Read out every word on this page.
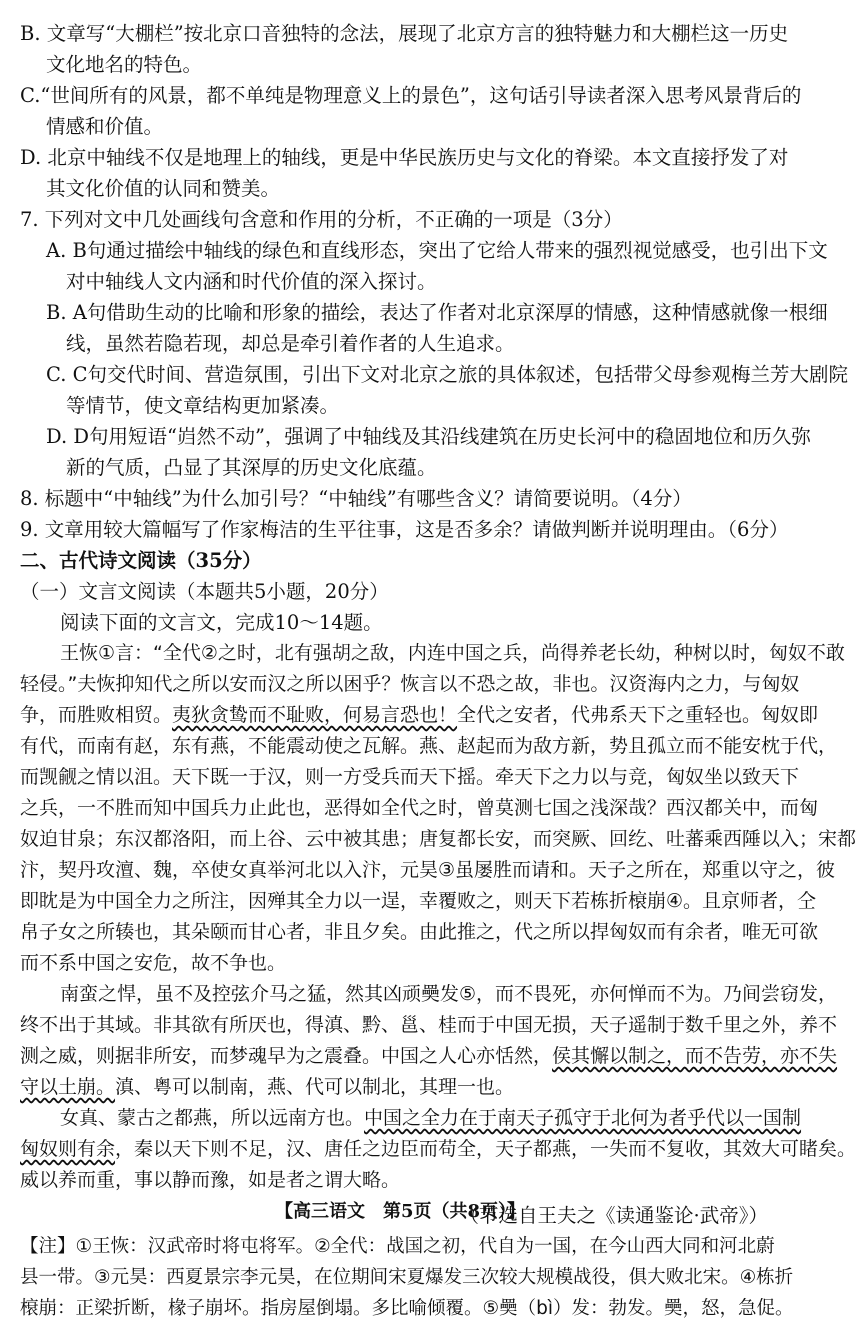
B. 文章写“大棚栏”按北京口音独特的念法，展现了北京方言的独特魅力和大棚栏这一历史
文化地名的特色。
C.“世间所有的风景，都不单纯是物理意义上的景色”，这句话引导读者深入思考风景背后的
情感和价值。
D. 北京中轴线不仅是地理上的轴线，更是中华民族历史与文化的脊梁。本文直接抒发了对
其文化价值的认同和赞美。
7. 下列对文中几处画线句含意和作用的分析，不正确的一项是（3分）
A. B句通过描绘中轴线的绿色和直线形态，突出了它给人带来的强烈视觉感受，也引出下文
对中轴线人文内涵和时代价值的深入探讨。
B. A句借助生动的比喻和形象的描绘，表达了作者对北京深厚的情感，这种情感就像一根细
线，虽然若隐若现，却总是牵引着作者的人生追求。
C. C句交代时间、营造氛围，引出下文对北京之旅的具体叙述，包括带父母参观梅兰芳大剧院
等情节，使文章结构更加紧凑。
D. D句用短语“岿然不动”，强调了中轴线及其沿线建筑在历史长河中的稳固地位和历久弥
新的气质，凸显了其深厚的历史文化底蕴。
8. 标题中“中轴线”为什么加引号？“中轴线”有哪些含义？请简要说明。（4分）
9. 文章用较大篇幅写了作家梅洁的生平往事，这是否多余？请做判断并说明理由。（6分）
二、古代诗文阅读（35分）
（一）文言文阅读（本题共5小题，20分）
阅读下面的文言文，完成10～14题。
王恢①言：“全代②之时，北有强胡之敌，内连中国之兵，尚得养老长幼，种树以时，匈奴不敢
轻侵。”夫恢抑知代之所以安而汉之所以困乎？恢言以不恐之故，非也。汉资海内之力，与匈奴
争，而胜败相贸。夷狄贪鸷而不耻败，何易言恐也！全代之安者，代弗系天下之重轻也。匈奴即
有代，而南有赵，东有燕，不能震动使之瓦解。燕、赵起而为敌方新，势且孤立而不能安枕于代，
而觊觎之情以沮。天下既一于汉，则一方受兵而天下摇。牵天下之力以与竞，匈奴坐以致天下
之兵，一不胜而知中国兵力止此也，恶得如全代之时，曾莫测七国之浅深哉？西汉都关中，而匈
奴迫甘泉；东汉都洛阳，而上谷、云中被其患；唐复都长安，而突厥、回纥、吐蕃乘西陲以入；宋都
汴，契丹攻澶、魏，卒使女真举河北以入汴，元昊③虽屡胜而请和。天子之所在，郑重以守之，彼
即眈是为中国全力之所注，因殚其全力以一逞，幸覆败之，则天下若栋折榱崩④。且京师者，仝
帛子女之所辏也，其朵颐而甘心者，非且夕矣。由此推之，代之所以捍匈奴而有余者，唯无可欲
而不系中国之安危，故不争也。
南蛮之悍，虽不及控弦介马之猛，然其凶顽奰发⑤，而不畏死，亦何惮而不为。乃间尝窃发，
终不出于其域。非其欲有所厌也，得滇、黔、邕、桂而于中国无损，天子遥制于数千里之外，养不
测之威，则据非所安，而梦魂早为之震叠。中国之人心亦恬然，侯其懈以制之，而不告劳，亦不失
守以土崩。滇、粤可以制南，燕、代可以制北，其理一也。
女真、蒙古之都燕，所以远南方也。中国之全力在于南天子孤守于北何为者乎代以一国制
匈奴则有余，秦以天下则不足，汉、唐任之边臣而苟全，天子都燕，一失而不复收，其效大可睹矣。
威以养而重，事以静而豫，如是者之谓大略。
（节选自王夫之《读通鉴论·武帝》）
【注】①王恢：汉武帝时将屯将军。②全代：战国之初，代自为一国，在今山西大同和河北蔚
县一带。③元昊：西夏景宗李元昊，在位期间宋夏爆发三次较大规模战役，俱大败北宋。④栋折
榱崩：正梁折断，椽子崩坏。指房屋倒塌。多比喻倾覆。⑤奰（bì）发：勃发。奰，怒，急促。
【高三语文　第5页（共8页）】
